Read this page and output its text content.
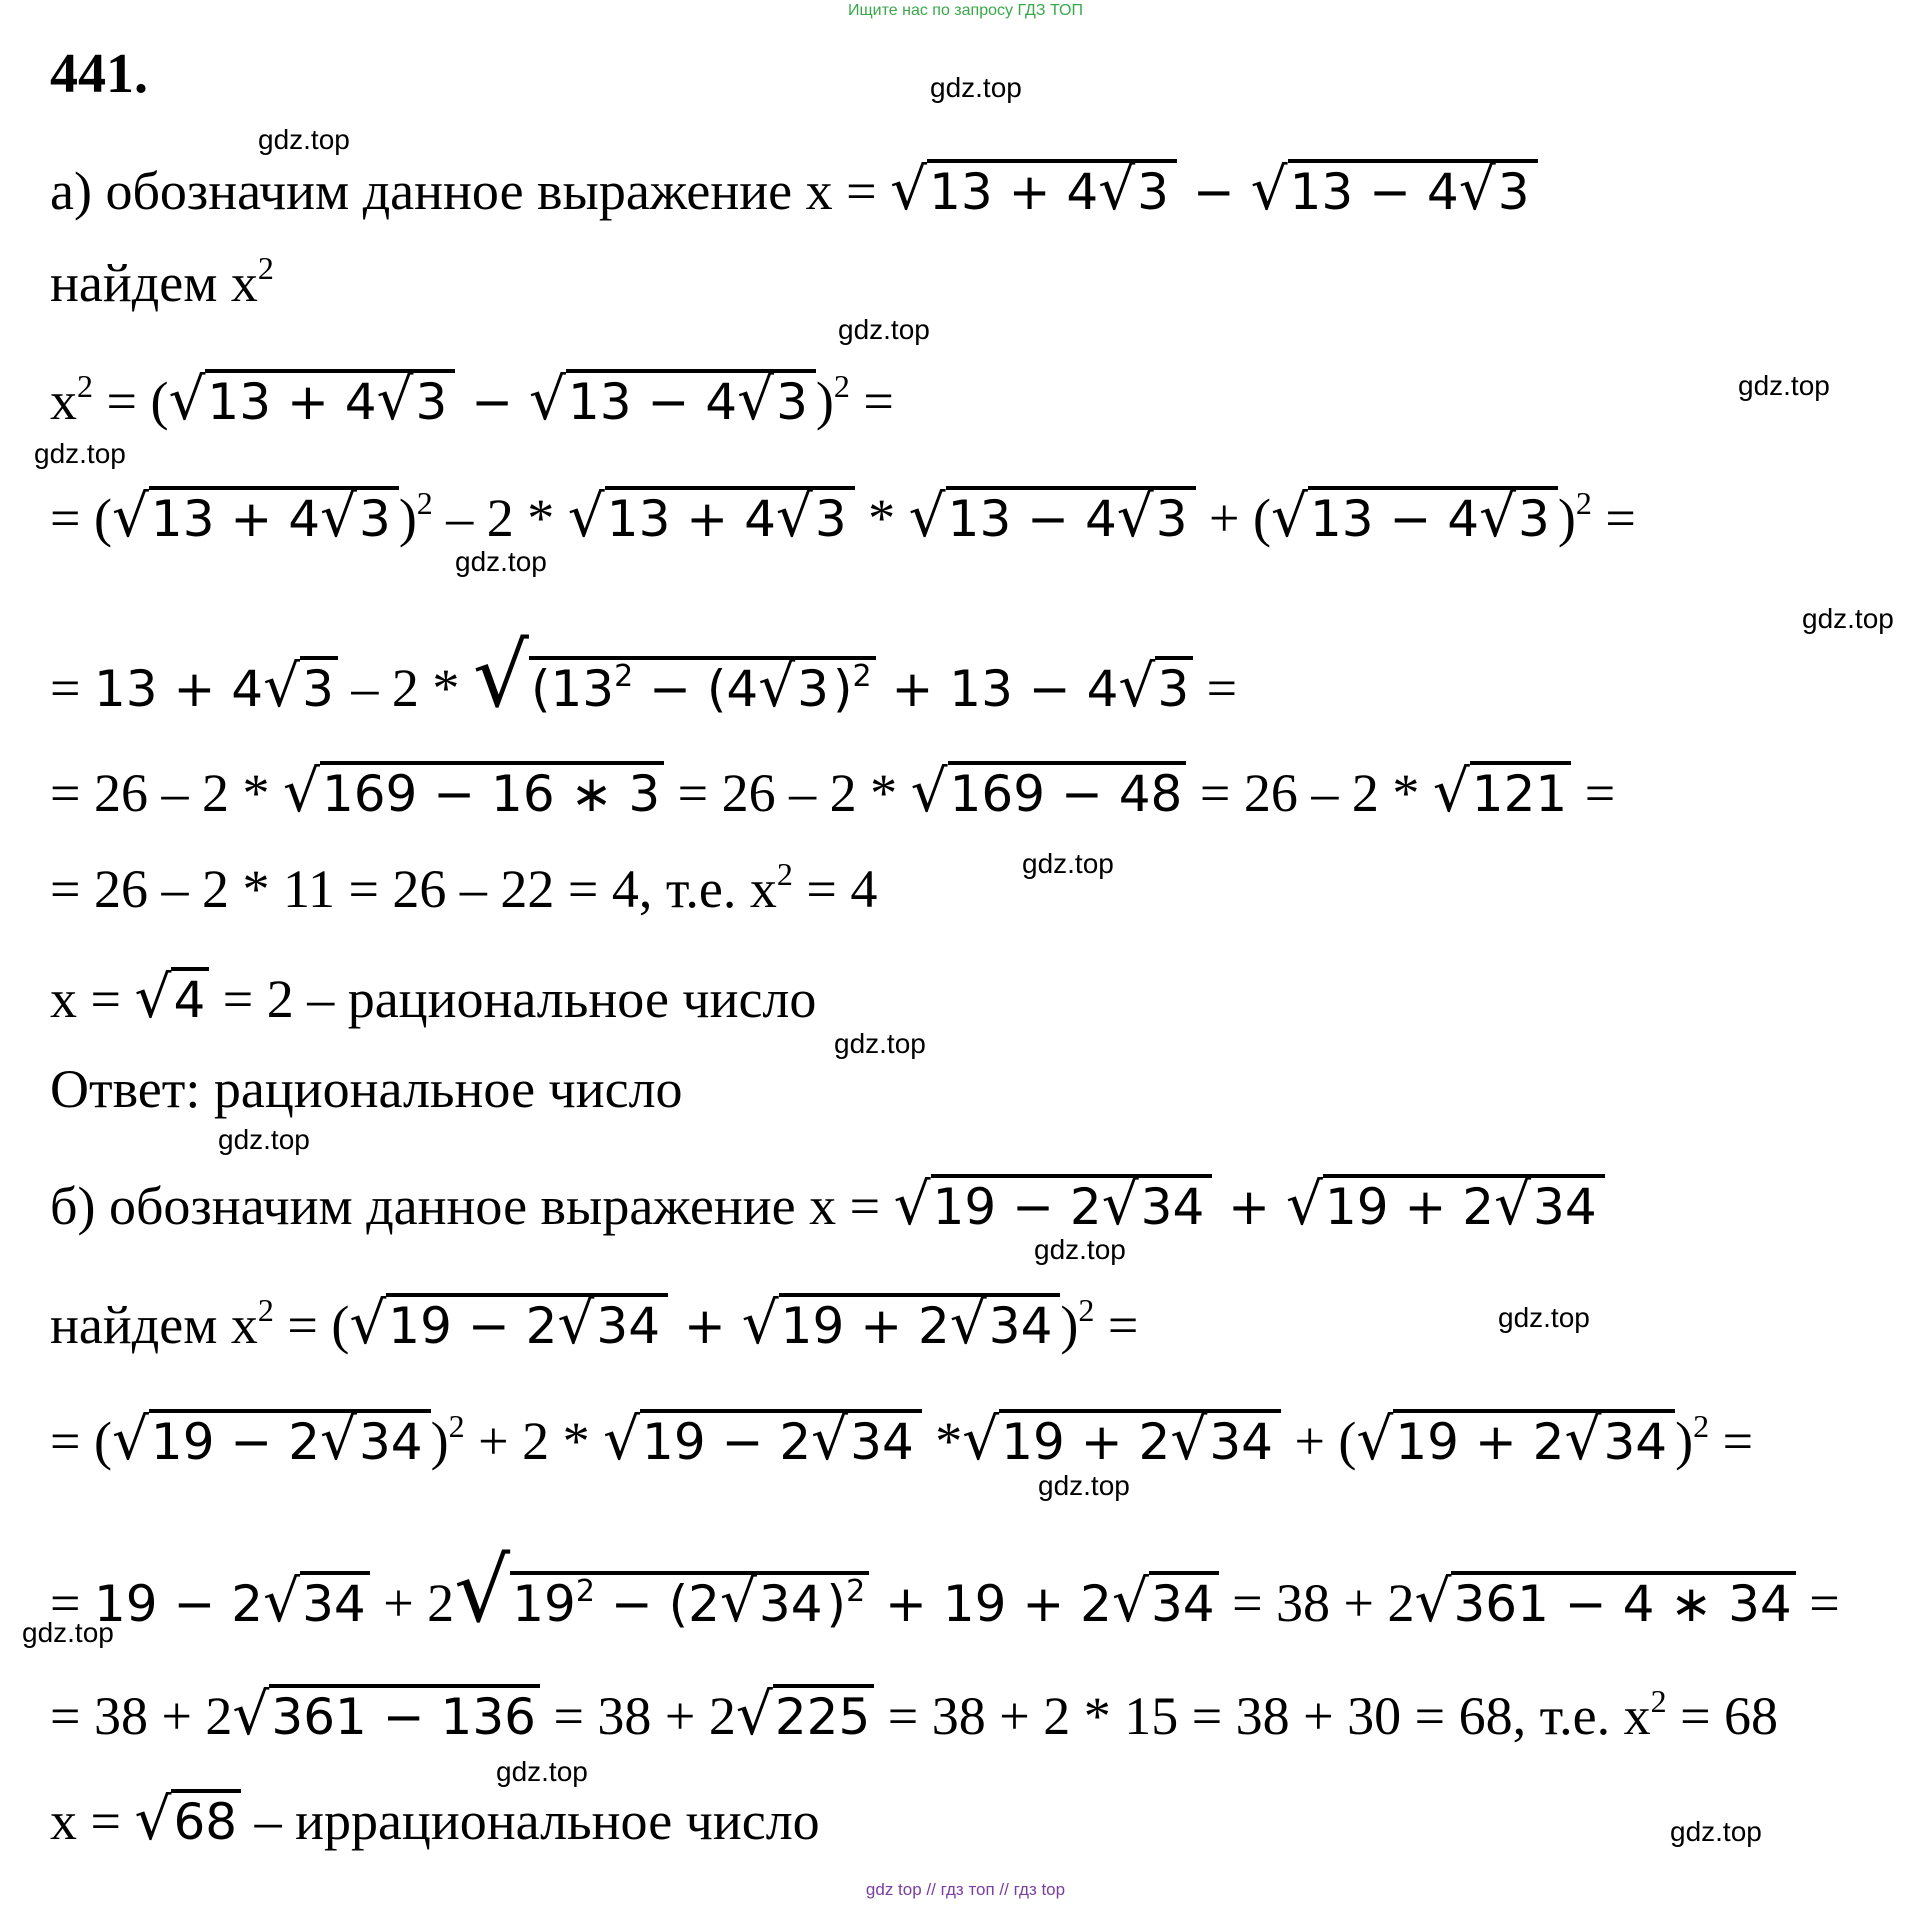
Ищите нас по запросу ГДЗ ТОП
441.	gdz.top
gdz.top
gdz.top
gdz.top
gdz.top
gdz.top
gdz.top
gdz.top
gdz.top
gdz.top
gdz.top
gdz.top
gdz.top
gdz.top
gdz.top
gdz.top
а) обозначим данное выражение x = √13 + 4√3 − √13 − 4√3
найдем $x^2$
$x^2 = (√13 + 4√3 - √13 - 4√3$ )$^2$ =
= (√13 + 4√3 )$^2$ – 2 * √13 + 4√3 * √13 − 4√3 + (√13 − 4√3 )$^2$ =
= $13 + 4√3 - 2 * √(13^2 - (4√3)^2 + 13 - 4√3$ =
= 26 – 2 * √169 − 16 ∗ 3 = 26 – 2 * √169 − 48 = 26 – 2 * √121 =
= 26 – 2 * 11 = 26 – 22 = 4, т.е. $x^2 = 4$
x = √4 = 2 – рациональное число
Ответ: рациональное число
б) обозначим данное выражение x = √19 − 2√34 + √19 + 2√34
найдем $x^2 = (√19 - 2√34 + √19 + 2√34$ )$^2$ =
= (√19 − 2√34 )$^2$ + 2 * √19 − 2√34 *√19 + 2√34 + (√19 + 2√34 )$^2$ =
= $19 - 2√34 + 2√19^2 - (2√34)^2 + 19 + 2√34 = 38 + 2√361 - 4$ ∗ 34 =
= 38 + 2√361 − 136 = 38 + 2√225 = 38 + 2 * 15 = 38 + 30 = 68, т.е. $x^2 = 68$
x = √68 – иррациональное число
gdz top // гдз топ // гдз top
